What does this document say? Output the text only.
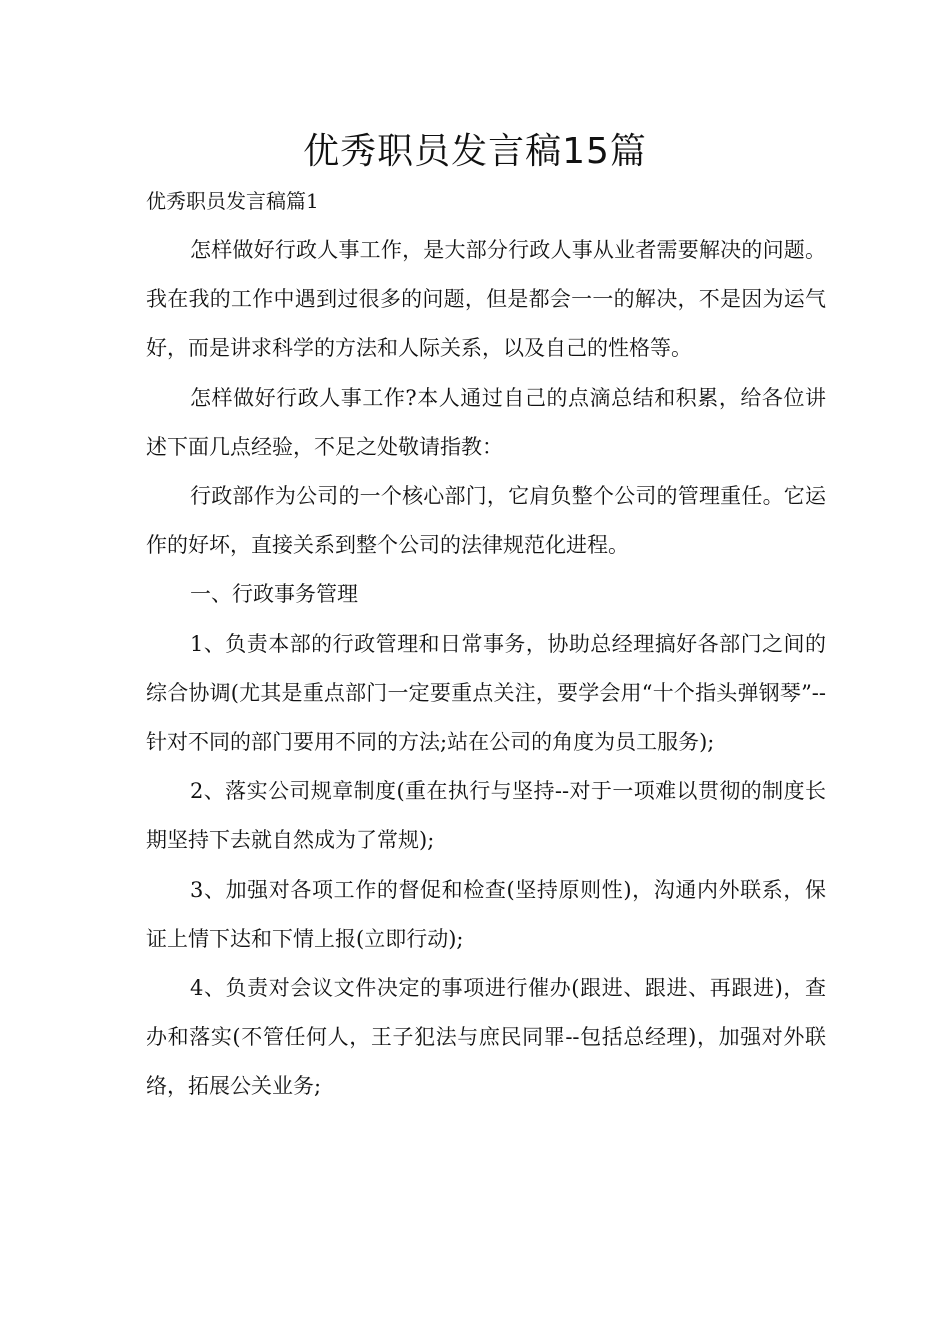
优秀职员发言稿15篇

优秀职员发言稿篇1

怎样做好行政人事工作，是大部分行政人事从业者需要解决的问题。我在我的工作中遇到过很多的问题，但是都会一一的解决，不是因为运气好，而是讲求科学的方法和人际关系，以及自己的性格等。

怎样做好行政人事工作?本人通过自己的点滴总结和积累，给各位讲述下面几点经验，不足之处敬请指教：

行政部作为公司的一个核心部门，它肩负整个公司的管理重任。它运作的好坏，直接关系到整个公司的法律规范化进程。

一、行政事务管理

1、负责本部的行政管理和日常事务，协助总经理搞好各部门之间的综合协调(尤其是重点部门一定要重点关注，要学会用“十个指头弹钢琴”--针对不同的部门要用不同的方法;站在公司的角度为员工服务);

2、落实公司规章制度(重在执行与坚持--对于一项难以贯彻的制度长期坚持下去就自然成为了常规);

3、加强对各项工作的督促和检查(坚持原则性)，沟通内外联系，保证上情下达和下情上报(立即行动);

4、负责对会议文件决定的事项进行催办(跟进、跟进、再跟进)，查办和落实(不管任何人，王子犯法与庶民同罪--包括总经理)，加强对外联络，拓展公关业务;
